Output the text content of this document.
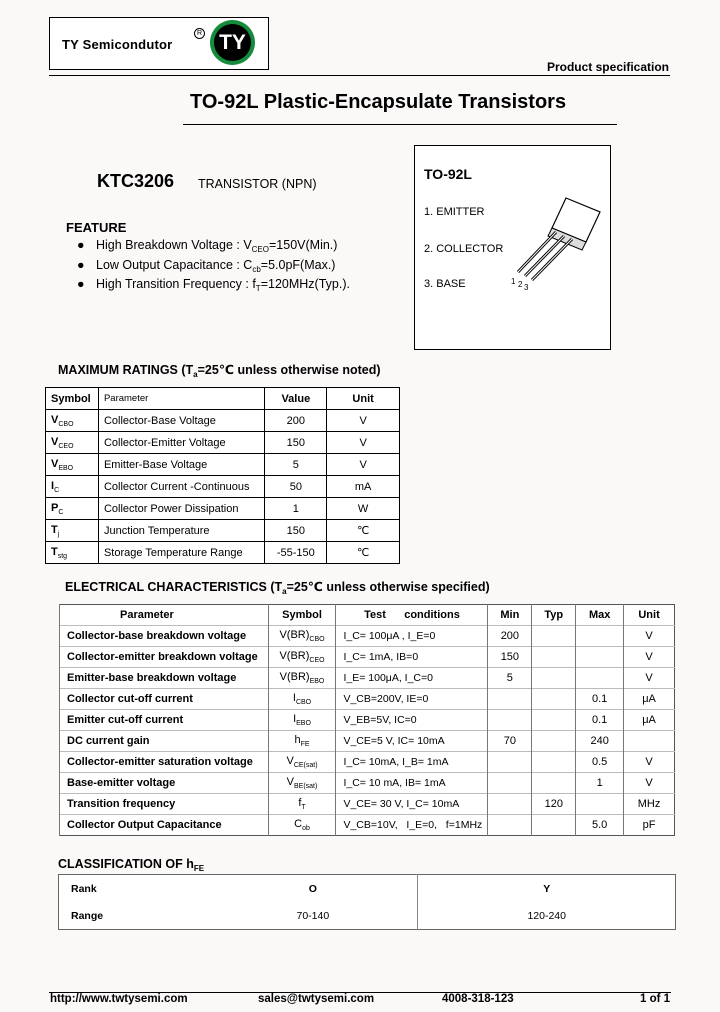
TY Semicondutor
R TY
Product specification
TO-92L Plastic-Encapsulate Transistors
KTC3206 TRANSISTOR (NPN)
TO-92L
1. EMITTER
2. COLLECTOR
3. BASE	1 2 3
FEATURE
● High Breakdown Voltage : $V_{CEO}=150V(Min.)$
● Low Output Capacitance : $C_{cb}=5.0pF(Max.)$
● High Transition Frequency : $f_T=120MHz(Typ.)$.
MAXIMUM RATINGS ($T_a=25℃$ unless otherwise noted)
Symbol	Parameter	Value	Unit
$V_{CBO}$	Collector-Base Voltage	200	V
$V_{CEO}$	Collector-Emitter Voltage	150	V
$V_{EBO}$	Emitter-Base Voltage	5	V
$I_C$	Collector Current -Continuous	50	mA
$P_C$	Collector Power Dissipation	1	W
$T_j$	Junction Temperature	150	℃
$T_{stg}$	Storage Temperature Range	-55-150	℃
ELECTRICAL CHARACTERISTICS ($T_a=25℃$ unless otherwise specified)
Parameter	Symbol	Test      conditions	Min	Typ	Max	Unit
Collector-base breakdown voltage	$V(BR)_{CBO}$	I_C= 100μA , I_E=0	200			V
Collector-emitter breakdown voltage	$V(BR)_{CEO}$	I_C= 1mA, IB=0	150			V
Emitter-base breakdown voltage	$V(BR)_{EBO}$	I_E= 100μA, I_C=0	5			V
Collector cut-off current	$I_{CBO}$	V_CB=200V, IE=0			0.1	μA
Emitter cut-off current	$I_{EBO}$	V_EB=5V, IC=0			0.1	μA
DC current gain	$h_{FE}$	V_CE=5 V, IC= 10mA	70		240	
Collector-emitter saturation voltage	$V_{CE(sat)}$	I_C= 10mA, I_B= 1mA			0.5	V
Base-emitter voltage	$V_{BE(sat)}$	I_C= 10 mA, IB= 1mA			1	V
Transition frequency	$f_T$	V_CE= 30 V, I_C= 10mA		120		MHz
Collector Output Capacitance	$C_{ob}$	V_CB=10V,   I_E=0,   f=1MHz			5.0	pF
CLASSIFICATION OF $h_{FE}$
Rank	O	Y
Range	70-140	120-240
http://www.twtysemi.com	sales@twtysemi.com	4008-318-123	1 of 1
